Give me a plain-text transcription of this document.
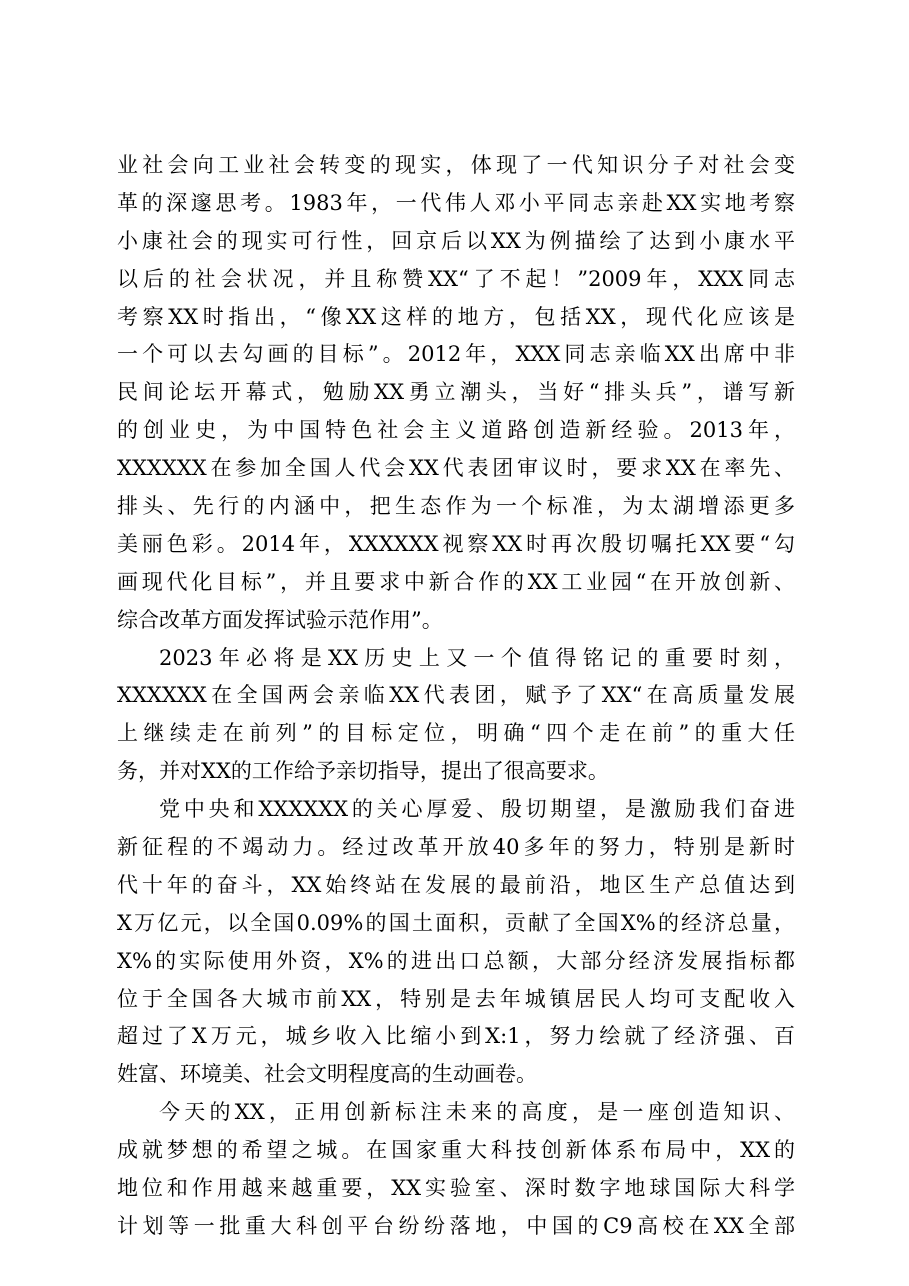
业社会向工业社会转变的现实，体现了一代知识分子对社会变
革的深邃思考。1983年，一代伟人邓小平同志亲赴XX实地考察
小康社会的现实可行性，回京后以XX为例描绘了达到小康水平
以后的社会状况，并且称赞XX“了不起！”2009年，XXX同志
考察XX时指出，“像XX这样的地方，包括XX，现代化应该是
一个可以去勾画的目标”。2012年，XXX同志亲临XX出席中非
民间论坛开幕式，勉励XX勇立潮头，当好“排头兵”，谱写新
的创业史，为中国特色社会主义道路创造新经验。2013年，
XXXXXX在参加全国人代会XX代表团审议时，要求XX在率先、
排头、先行的内涵中，把生态作为一个标准，为太湖增添更多
美丽色彩。2014年，XXXXXX视察XX时再次殷切嘱托XX要“勾
画现代化目标”，并且要求中新合作的XX工业园“在开放创新、
综合改革方面发挥试验示范作用”。
2023年必将是XX历史上又一个值得铭记的重要时刻，
XXXXXX在全国两会亲临XX代表团，赋予了XX“在高质量发展
上继续走在前列”的目标定位，明确“四个走在前”的重大任
务，并对XX的工作给予亲切指导，提出了很高要求。
党中央和XXXXXX的关心厚爱、殷切期望，是激励我们奋进
新征程的不竭动力。经过改革开放40多年的努力，特别是新时
代十年的奋斗，XX始终站在发展的最前沿，地区生产总值达到
X万亿元，以全国0.09%的国土面积，贡献了全国X%的经济总量，
X%的实际使用外资，X%的进出口总额，大部分经济发展指标都
位于全国各大城市前XX，特别是去年城镇居民人均可支配收入
超过了X万元，城乡收入比缩小到X:1，努力绘就了经济强、百
姓富、环境美、社会文明程度高的生动画卷。
今天的XX，正用创新标注未来的高度，是一座创造知识、
成就梦想的希望之城。在国家重大科技创新体系布局中，XX的
地位和作用越来越重要，XX实验室、深时数字地球国际大科学
计划等一批重大科创平台纷纷落地，中国的C9高校在XX全部
